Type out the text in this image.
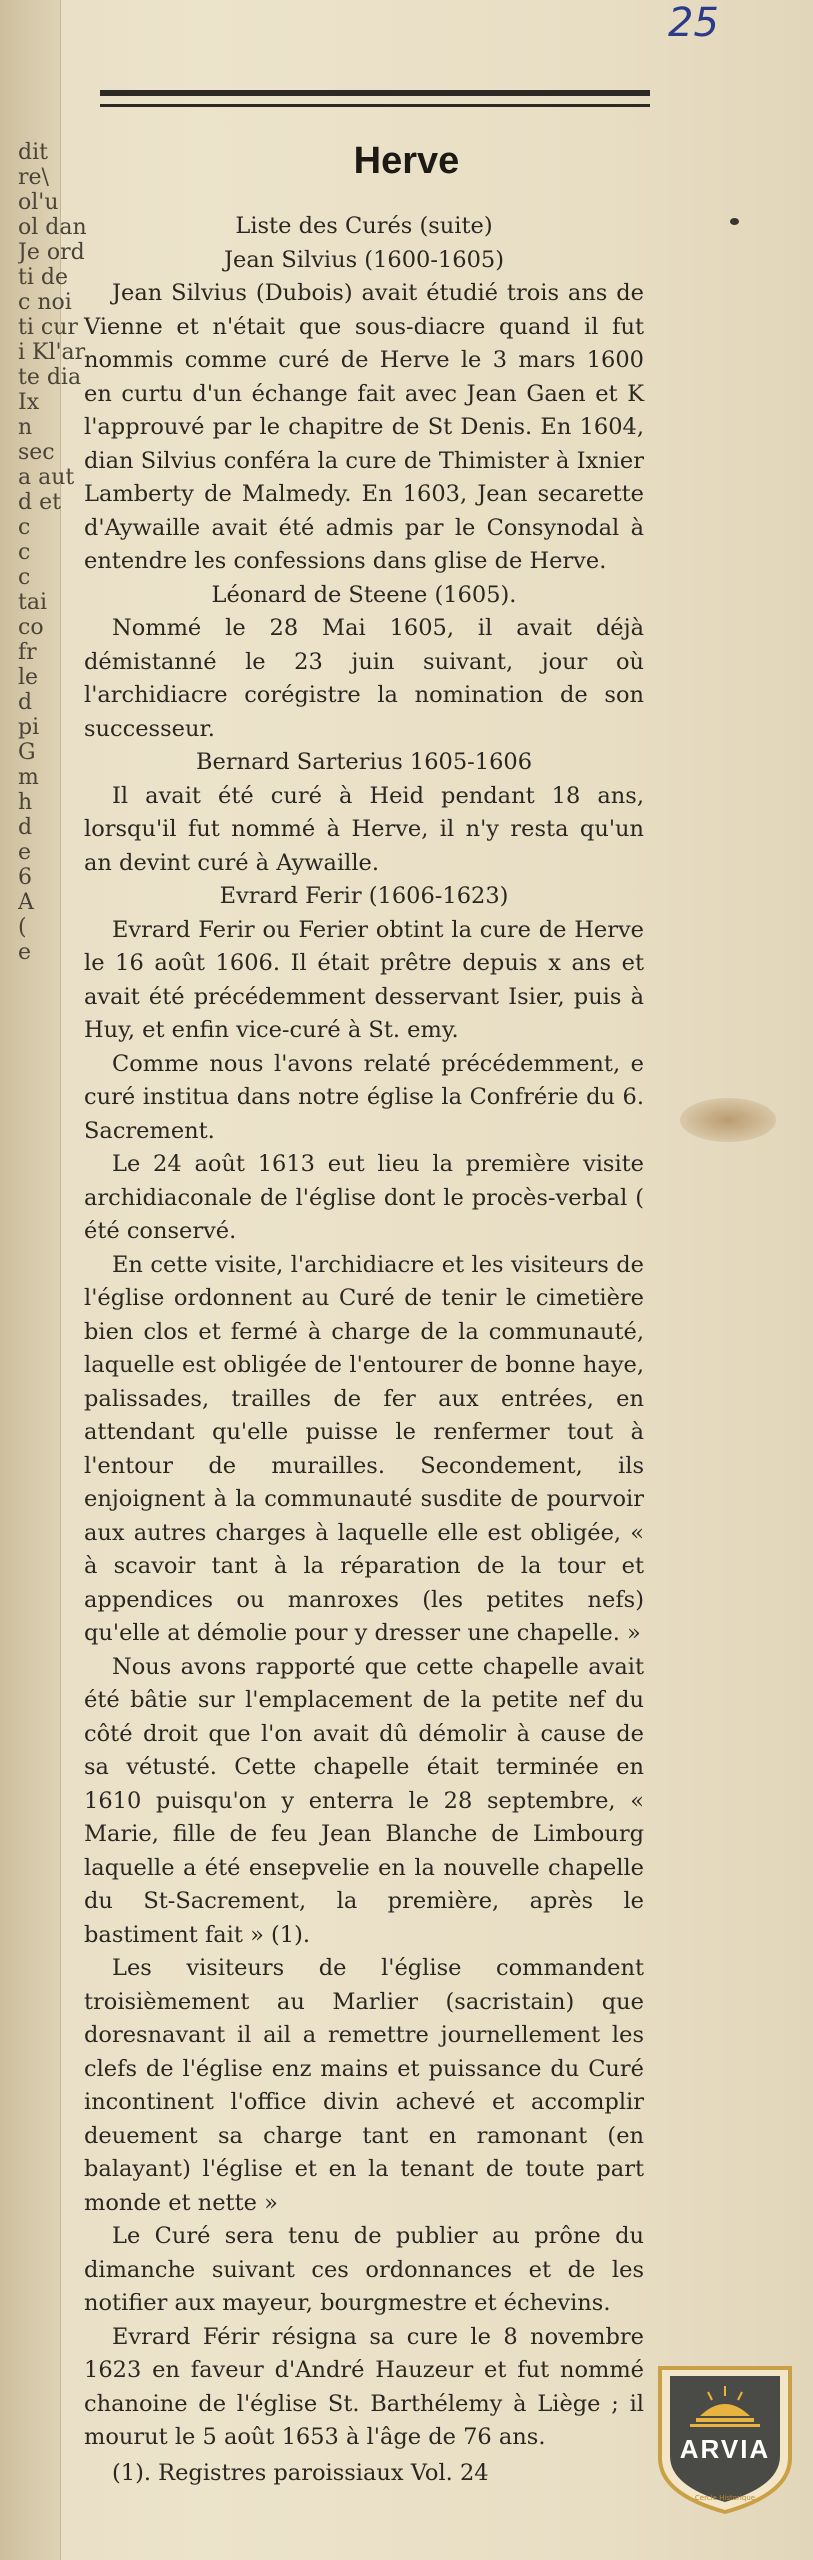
dit
re\
ol'u
ol dan
Je ord
ti de
c noi
ti cur
i Kl'ar
te dia
Ix
n
sec
a aut
d et
c
c
c
tai
co
fr
le
d
pi
G
m
h
d
e
6
A
(
e
25
Herve
Liste des Curés (suite)
Jean Silvius (1600-1605)

Jean Silvius (Dubois) avait étudié trois ans de Vienne et n'était que sous-diacre quand il fut nommis comme curé de Herve le 3 mars 1600 en curtu d'un échange fait avec Jean Gaen et K l'approuvé par le chapitre de St Denis. En 1604, dian Silvius conféra la cure de Thimister à Ixnier Lamberty de Malmedy. En 1603, Jean secarette d'Aywaille avait été admis par le Consynodal à entendre les confessions dans glise de Herve.

Léonard de Steene (1605).

Nommé le 28 Mai 1605, il avait déjà démistanné le 23 juin suivant, jour où l'archidiacre corégistre la nomination de son successeur.

Bernard Sarterius 1605-1606

Il avait été curé à Heid pendant 18 ans, lorsqu'il fut nommé à Herve, il n'y resta qu'un an devint curé à Aywaille.

Evrard Ferir (1606-1623)

Evrard Ferir ou Ferier obtint la cure de Herve le 16 août 1606. Il était prêtre depuis x ans et avait été précédemment desservant Isier, puis à Huy, et enfin vice-curé à St. emy.

Comme nous l'avons relaté précédemment, e curé institua dans notre église la Confrérie du 6. Sacrement.

Le 24 août 1613 eut lieu la première visite archidiaconale de l'église dont le procès-verbal ( été conservé.

En cette visite, l'archidiacre et les visiteurs de l'église ordonnent au Curé de tenir le cimetière bien clos et fermé à charge de la communauté, laquelle est obligée de l'entourer de bonne haye, palissades, trailles de fer aux entrées, en attendant qu'elle puisse le renfermer tout à l'entour de murailles. Secondement, ils enjoignent à la communauté susdite de pourvoir aux autres charges à laquelle elle est obligée, « à scavoir tant à la réparation de la tour et appendices ou manroxes (les petites nefs) qu'elle at démolie pour y dresser une chapelle. »

Nous avons rapporté que cette chapelle avait été bâtie sur l'emplacement de la petite nef du côté droit que l'on avait dû démolir à cause de sa vétusté. Cette chapelle était terminée en 1610 puisqu'on y enterra le 28 septembre, « Marie, fille de feu Jean Blanche de Limbourg laquelle a été ensepvelie en la nouvelle chapelle du St-Sacrement, la première, après le bastiment fait » (1).

Les visiteurs de l'église commandent troisièmement au Marlier (sacristain) que doresnavant il ail a remettre journellement les clefs de l'église enz mains et puissance du Curé incontinent l'office divin achevé et accomplir deuement sa charge tant en ramonant (en balayant) l'église et en la tenant de toute part monde et nette »

Le Curé sera tenu de publier au prône du dimanche suivant ces ordonnances et de les notifier aux mayeur, bourgmestre et échevins.

Evrard Férir résigna sa cure le 8 novembre 1623 en faveur d'André Hauzeur et fut nommé chanoine de l'église St. Barthélemy à Liège ; il mourut le 5 août 1653 à l'âge de 76 ans.

(1). Registres paroissiaux Vol. 24
ARVIA
Cercle Historique
